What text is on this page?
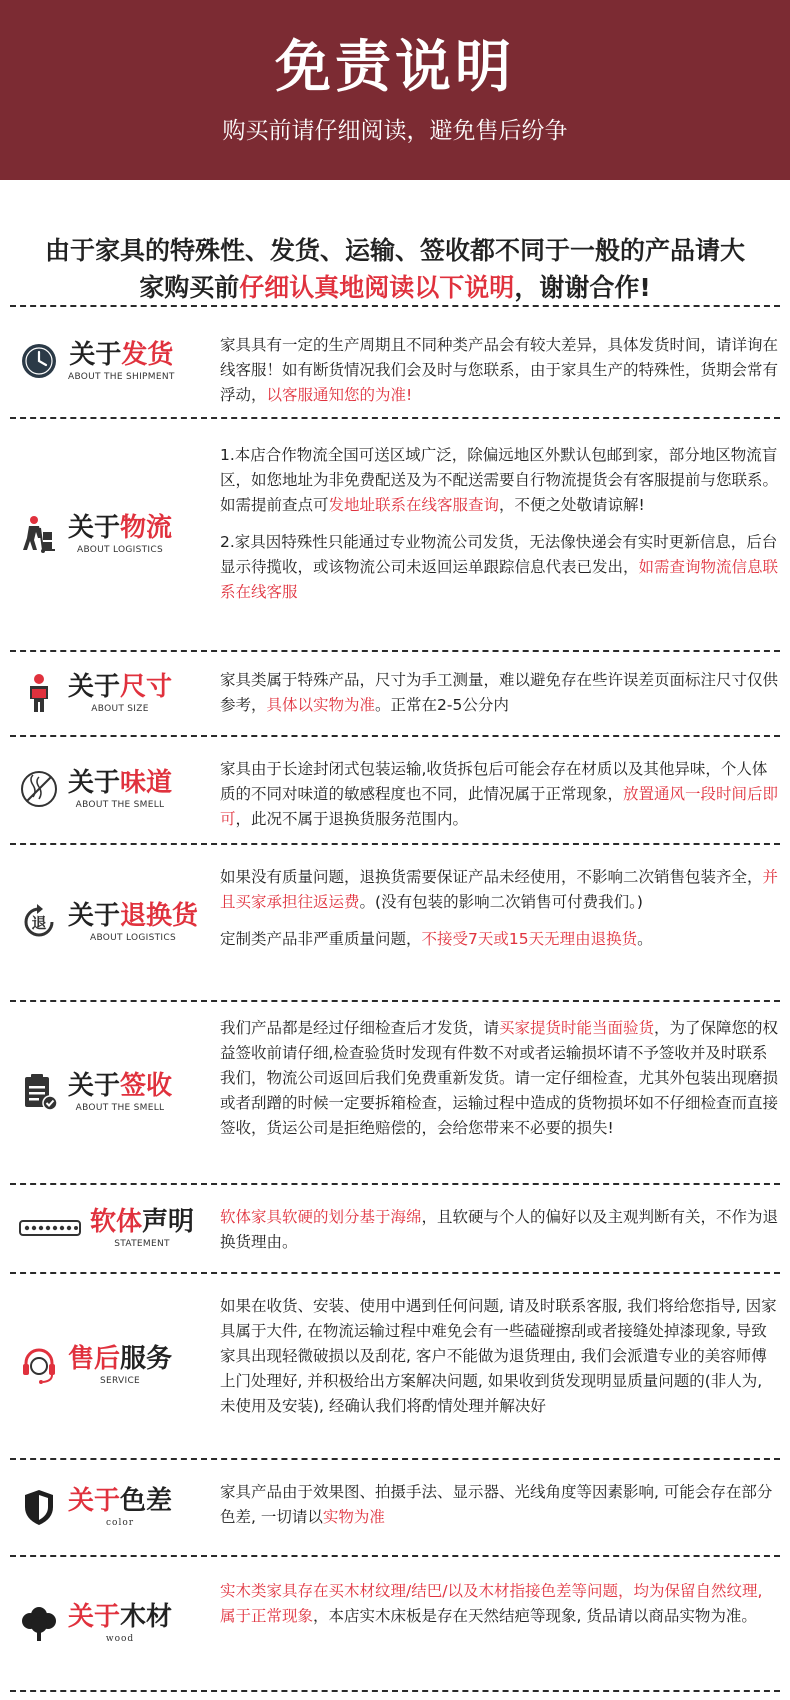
免责说明

购买前请仔细阅读，避免售后纷争

由于家具的特殊性、发货、运输、签收都不同于一般的产品请大
家购买前仔细认真地阅读以下说明，谢谢合作!
关于发货
ABOUT THE SHIPMENT

家具具有一定的生产周期且不同种类产品会有较大差异，具体发货时间，请详询在线客服！如有断货情况我们会及时与您联系，由于家具生产的特殊性，货期会常有浮动，以客服通知您的为准!

关于物流
ABOUT LOGISTICS

1.本店合作物流全国可送区域广泛，除偏远地区外默认包邮到家，部分地区物流盲区，如您地址为非免费配送及为不配送需要自行物流提货会有客服提前与您联系。如需提前查点可发地址联系在线客服查询，不便之处敬请谅解!

2.家具因特殊性只能通过专业物流公司发货，无法像快递会有实时更新信息，后台显示待揽收，或该物流公司未返回运单跟踪信息代表已发出，如需查询物流信息联系在线客服

关于尺寸
ABOUT SIZE

家具类属于特殊产品，尺寸为手工测量，难以避免存在些许误差页面标注尺寸仅供参考，具体以实物为准。正常在2-5公分内

关于味道
ABOUT THE SMELL

家具由于长途封闭式包装运输,收货拆包后可能会存在材质以及其他异味，个人体质的不同对味道的敏感程度也不同，此情况属于正常现象，放置通风一段时间后即可，此况不属于退换货服务范围内。

退 关于退换货
ABOUT LOGISTICS

如果没有质量问题，退换货需要保证产品未经使用，不影响二次销售包装齐全，并且买家承担往返运费。(没有包装的影响二次销售可付费我们。)

定制类产品非严重质量问题，不接受7天或15天无理由退换货。

关于签收
ABOUT THE SMELL

我们产品都是经过仔细检查后才发货，请买家提货时能当面验货，为了保障您的权益签收前请仔细,检查验货时发现有件数不对或者运输损坏请不予签收并及时联系我们，物流公司返回后我们免费重新发货。请一定仔细检查，尤其外包装出现磨损或者刮蹭的时候一定要拆箱检查，运输过程中造成的货物损坏如不仔细检查而直接签收，货运公司是拒绝赔偿的，会给您带来不必要的损失!

软体声明
STATEMENT

软体家具软硬的划分基于海绵，且软硬与个人的偏好以及主观判断有关，不作为退换货理由。

售后服务
SERVICE

如果在收货、安装、使用中遇到任何问题, 请及时联系客服, 我们将给您指导, 因家具属于大件, 在物流运输过程中难免会有一些磕碰擦刮或者接缝处掉漆现象, 导致家具出现轻微破损以及刮花, 客户不能做为退货理由, 我们会派遣专业的美容师傅上门处理好, 并积极给出方案解决问题, 如果收到货发现明显质量问题的(非人为, 未使用及安装), 经确认我们将酌情处理并解决好

关于色差
color

家具产品由于效果图、拍摄手法、显示器、光线角度等因素影响, 可能会存在部分色差, 一切请以实物为准

关于木材
wood

实木类家具存在买木材纹理/结巴/以及木材指接色差等问题，均为保留自然纹理, 属于正常现象，本店实木床板是存在天然结疤等现象, 货品请以商品实物为准。
